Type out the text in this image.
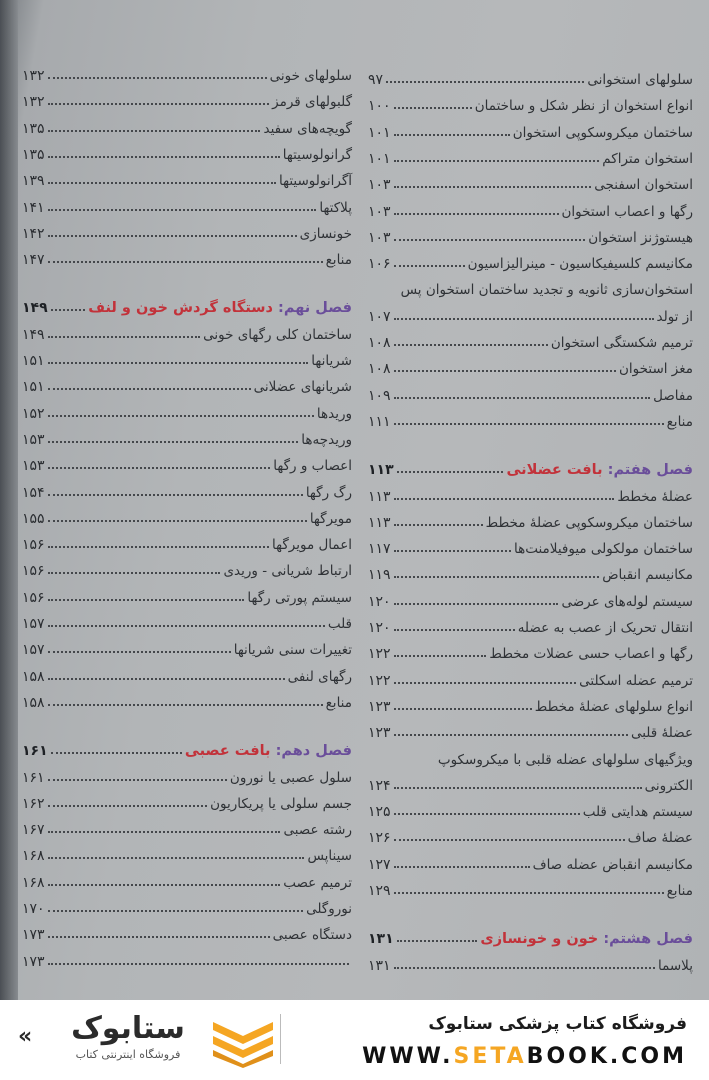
سلولهای استخوانی
۹۷
انواع استخوان از نظر شکل و ساختمان
۱۰۰
ساختمان میکروسکوپی استخوان
۱۰۱
استخوان متراکم
۱۰۱
استخوان اسفنجی
۱۰۳
رگها و اعصاب استخوان
۱۰۳
هیستوژنز استخوان
۱۰۳
مکانیسم کلسیفیکاسیون - مینرالیزاسیون
۱۰۶
استخوان‌سازی ثانویه و تجدید ساختمان استخوان پس
از تولد
۱۰۷
ترمیم شکستگی استخوان
۱۰۸
مغز استخوان
۱۰۸
مفاصل
۱۰۹
منابع
۱۱۱
فصل هفتم: بافت عضلانی
۱۱۳
عضلهٔ مخطط
۱۱۳
ساختمان میکروسکوپی عضلهٔ مخطط
۱۱۳
ساختمان مولکولی میوفیلامنت‌ها
۱۱۷
مکانیسم انقباض
۱۱۹
سیستم لوله‌های عرضی
۱۲۰
انتقال تحریک از عصب به عضله
۱۲۰
رگها و اعصاب حسی عضلات مخطط
۱۲۲
ترمیم عضله اسکلتی
۱۲۲
انواع سلولهای عضلهٔ مخطط
۱۲۳
عضلهٔ قلبی
۱۲۳
ویژگیهای سلولهای عضله قلبی با میکروسکوپ
الکترونی
۱۲۴
سیستم هدایتی قلب
۱۲۵
عضلهٔ صاف
۱۲۶
مکانیسم انقباض عضله صاف
۱۲۷
منابع
۱۲۹
فصل هشتم: خون و خونسازی
۱۳۱
پلاسما
۱۳۱
سلولهای خونی
۱۳۲
گلبولهای قرمز
۱۳۲
گویچه‌های سفید
۱۳۵
گرانولوسیتها
۱۳۵
آگرانولوسیتها
۱۳۹
پلاکتها
۱۴۱
خونسازی
۱۴۲
منابع
۱۴۷
فصل نهم: دستگاه گردش خون و لنف
۱۴۹
ساختمان کلی رگهای خونی
۱۴۹
شریانها
۱۵۱
شریانهای عضلانی
۱۵۱
وریدها
۱۵۲
وریدچه‌ها
۱۵۳
اعصاب و رگها
۱۵۳
رگ رگها
۱۵۴
مویرگها
۱۵۵
اعمال مویرگها
۱۵۶
ارتباط شریانی - وریدی
۱۵۶
سیستم پورتی رگها
۱۵۶
قلب
۱۵۷
تغییرات سنی شریانها
۱۵۷
رگهای لنفی
۱۵۸
منابع
۱۵۸
فصل دهم: بافت عصبی
۱۶۱
سلول عصبی یا نورون
۱۶۱
جسم سلولی یا پریکاریون
۱۶۲
رشته عصبی
۱۶۷
سیناپس
۱۶۸
ترمیم عصب
۱۶۸
نوروگلی
۱۷۰
دستگاه عصبی
۱۷۳
۱۷۳
«	ستابوک
فروشگاه اینترنتی کتاب
فروشگاه کتاب پزشکی ستابوک
WWW.SETABOOK.COM
